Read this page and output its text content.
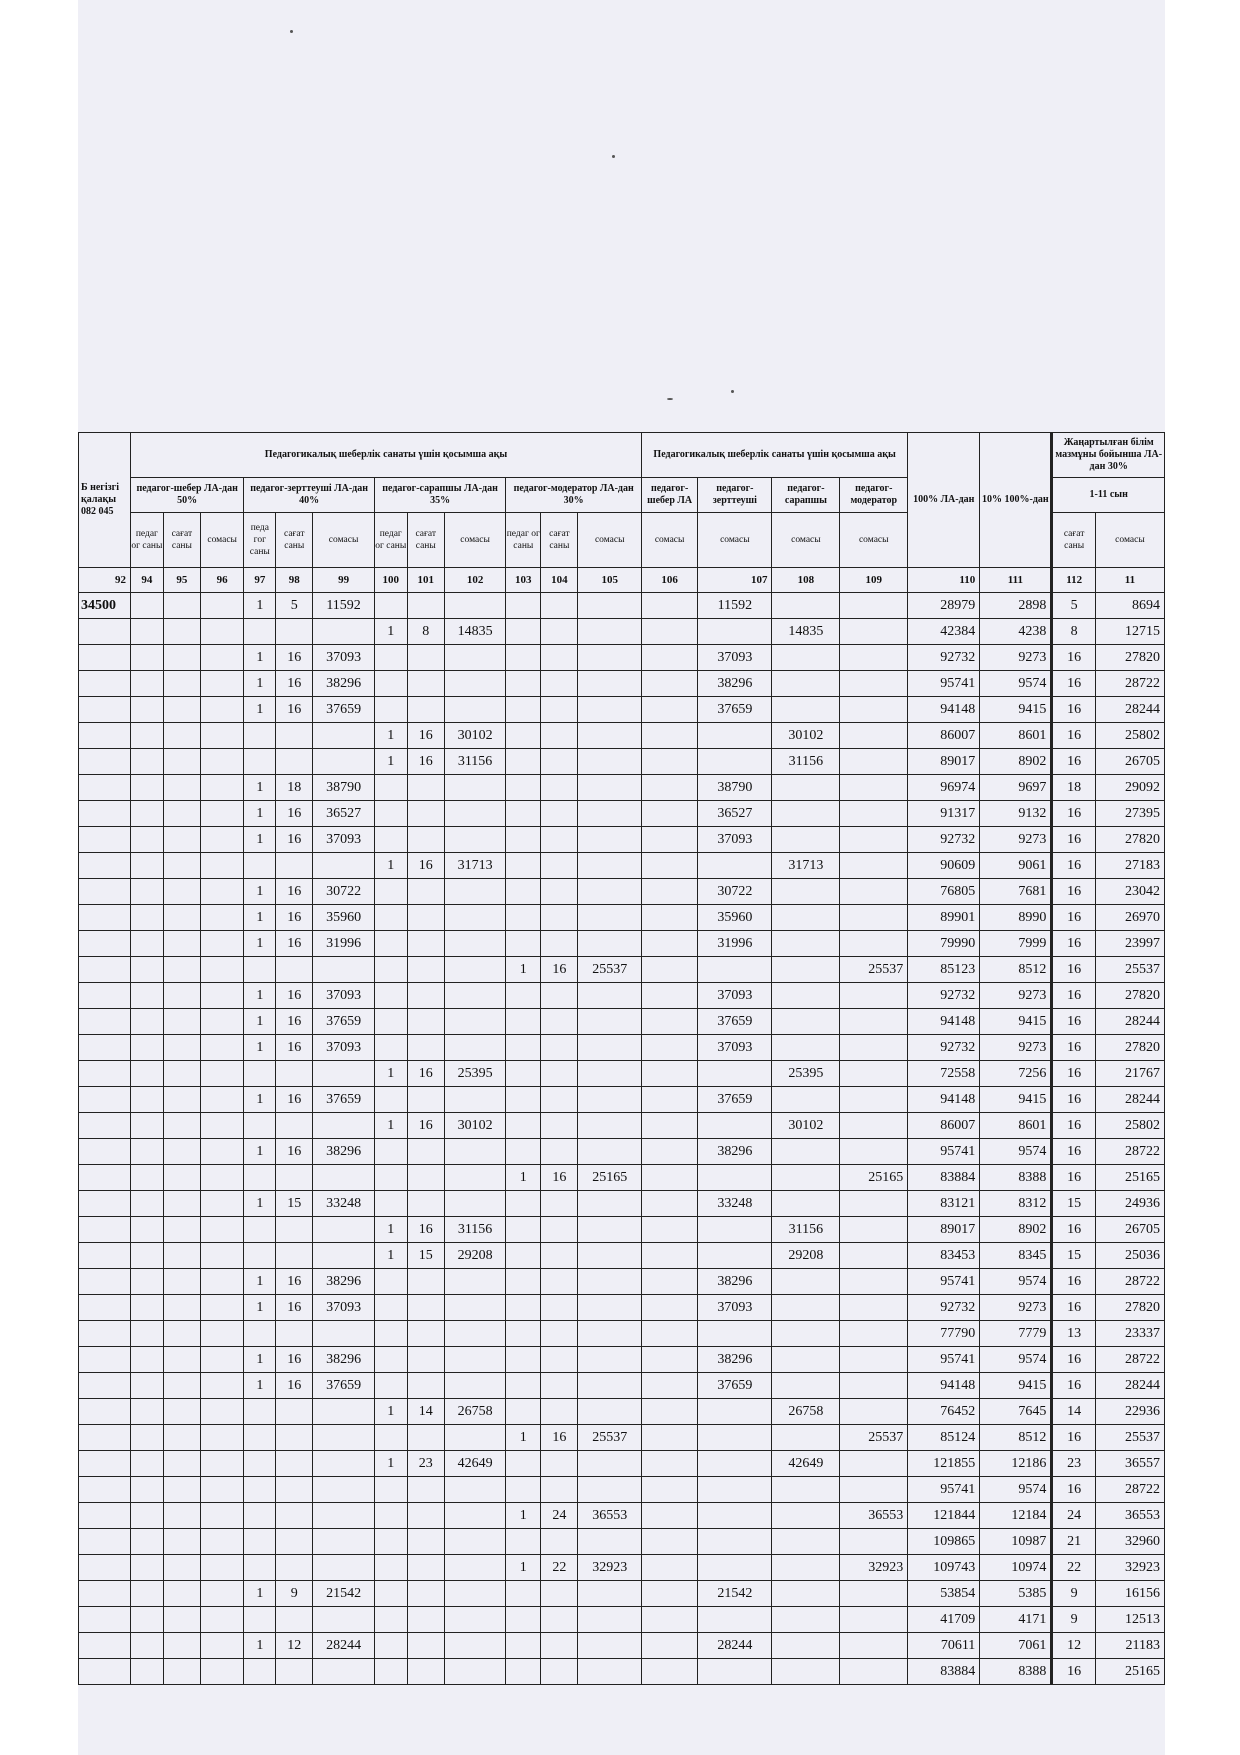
Б негізгі қалақы 082 045	Педагогикалық шеберлік санаты үшін қосымша ақы												Педагогикалық шеберлік санаты үшін қосымша ақы				100% ЛА-дан	10% 100%-дан	Жаңартылған білім мазмұны бойынша ЛА-дан 30%	
	педагог-шебер ЛА-дан 50%			педагог-зерттеуші ЛА-дан 40%			педагог-сарапшы ЛА-дан 35%			педагог-модератор ЛА-дан 30%			педагог-шебер ЛА	педагог-зерттеуші	педагог-сарапшы	педагог-модератор			1-11 сын	
	педаг ог саны	сағат саны	сомасы	педа гог саны	сағат саны	сомасы	педаг ог саны	сағат саны	сомасы	педаг ог саны	сағат саны	сомасы	сомасы	сомасы	сомасы	сомасы			сағат саны	сомасы
92	94	95	96	97	98	99	100	101	102	103	104	105	106	107	108	109	110	111	112	11
34500				1	5	11592								11592			28979	2898	5	8694
							1	8	14835						14835		42384	4238	8	12715
				1	16	37093								37093			92732	9273	16	27820
				1	16	38296								38296			95741	9574	16	28722
				1	16	37659								37659			94148	9415	16	28244
							1	16	30102						30102		86007	8601	16	25802
							1	16	31156						31156		89017	8902	16	26705
				1	18	38790								38790			96974	9697	18	29092
				1	16	36527								36527			91317	9132	16	27395
				1	16	37093								37093			92732	9273	16	27820
							1	16	31713						31713		90609	9061	16	27183
				1	16	30722								30722			76805	7681	16	23042
				1	16	35960								35960			89901	8990	16	26970
				1	16	31996								31996			79990	7999	16	23997
										1	16	25537				25537	85123	8512	16	25537
				1	16	37093								37093			92732	9273	16	27820
				1	16	37659								37659			94148	9415	16	28244
				1	16	37093								37093			92732	9273	16	27820
							1	16	25395						25395		72558	7256	16	21767
				1	16	37659								37659			94148	9415	16	28244
							1	16	30102						30102		86007	8601	16	25802
				1	16	38296								38296			95741	9574	16	28722
										1	16	25165				25165	83884	8388	16	25165
				1	15	33248								33248			83121	8312	15	24936
							1	16	31156						31156		89017	8902	16	26705
							1	15	29208						29208		83453	8345	15	25036
				1	16	38296								38296			95741	9574	16	28722
				1	16	37093								37093			92732	9273	16	27820
																	77790	7779	13	23337
				1	16	38296								38296			95741	9574	16	28722
				1	16	37659								37659			94148	9415	16	28244
							1	14	26758						26758		76452	7645	14	22936
										1	16	25537				25537	85124	8512	16	25537
							1	23	42649						42649		121855	12186	23	36557
																	95741	9574	16	28722
										1	24	36553				36553	121844	12184	24	36553
																	109865	10987	21	32960
										1	22	32923				32923	109743	10974	22	32923
				1	9	21542								21542			53854	5385	9	16156
																	41709	4171	9	12513
				1	12	28244								28244			70611	7061	12	21183
																	83884	8388	16	25165
